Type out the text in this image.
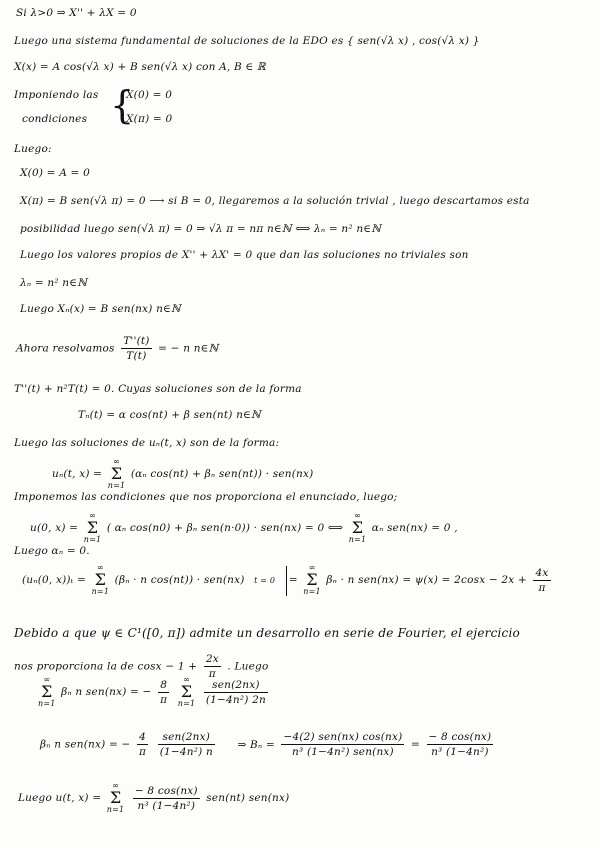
Si λ>0 ⇒ X'' + λX = 0
Luego una sistema fundamental de soluciones de la EDO es { sen(√λ x) , cos(√λ x) }
X(x) = A cos(√λ x) + B sen(√λ x) con A, B ∈ ℝ
Imponiendo las
condiciones {
X(0) = 0
X(π) = 0
Luego:
X(0) = A = 0
X(π) = B sen(√λ π) = 0 ⟶ si B = 0, llegaremos a la solución trivial , luego descartamos esta
posibilidad luego sen(√λ π) = 0 ⇒ √λ π = nπ n∈ℕ ⟺ λₙ = n² n∈ℕ
Luego los valores propios de X'' + λX' = 0 que dan las soluciones no triviales son
λₙ = n² n∈ℕ
Luego Xₙ(x) = B sen(nx) n∈ℕ
Ahora resolvamos $\frac{T''(t)}{T(t)}$ = − n n∈ℕ
T''(t) + n²T(t) = 0. Cuyas soluciones son de la forma
Tₙ(t) = α cos(nt) + β sen(nt) n∈ℕ
Luego las soluciones de uₙ(t, x) son de la forma:
uₙ(t, x) = ∞
Σ
n=1 (αₙ cos(nt) + βₙ sen(nt)) · sen(nx)
Imponemos las condiciones que nos proporciona el enunciado, luego;
u(0, x) = ∞
Σ
n=1 ( αₙ cos(n0) + βₙ sen(n·0)) · sen(nx) = 0 ⟺ ∞
Σ
n=1 αₙ sen(nx) = 0 ,
Luego αₙ = 0.
(uₙ(0, x))ₜ = ∞
Σ
n=1 (βₙ · n cos(nt)) · sen(nx) t = 0 = ∞
Σ
n=1 βₙ · n $sen(nx) = \psi(x) = 2\cos x - 2x + \frac{4x}{\pi}$
Debido a que ψ ∈ C¹([0, π]) admite un desarrollo en serie de Fourier, el ejercicio
nos proporciona la de $\cos x - 1 + \frac{2x}{\pi}$ . Luego
∞
Σ
n=1 βₙ n sen(nx) = − $\frac{8}{\pi}$ ∞
Σ
$n=1 \frac{\text{sen(2nx)}}{\text{(1−4n²) 2n}}$
βₙ n sen(nx) = − $\frac{4}{\pi}$
$\frac{\text{sen(2nx)}}{\text{(1−4n²) n}}$ ⇒ $B_n = \frac{\text{−4(2) sen(nx) cos(nx)}}{\text{n³ (1−4n²) sen(nx)}} = \frac{- 8 \cos(nx)}{\text{n³ (1−4n²)}}$
Luego u(t, x) = ∞
Σ
$n=1 \frac{- 8 \cos(nx)}{\text{n³ (1−4n²)}} sen(nt)$ sen(nx)
